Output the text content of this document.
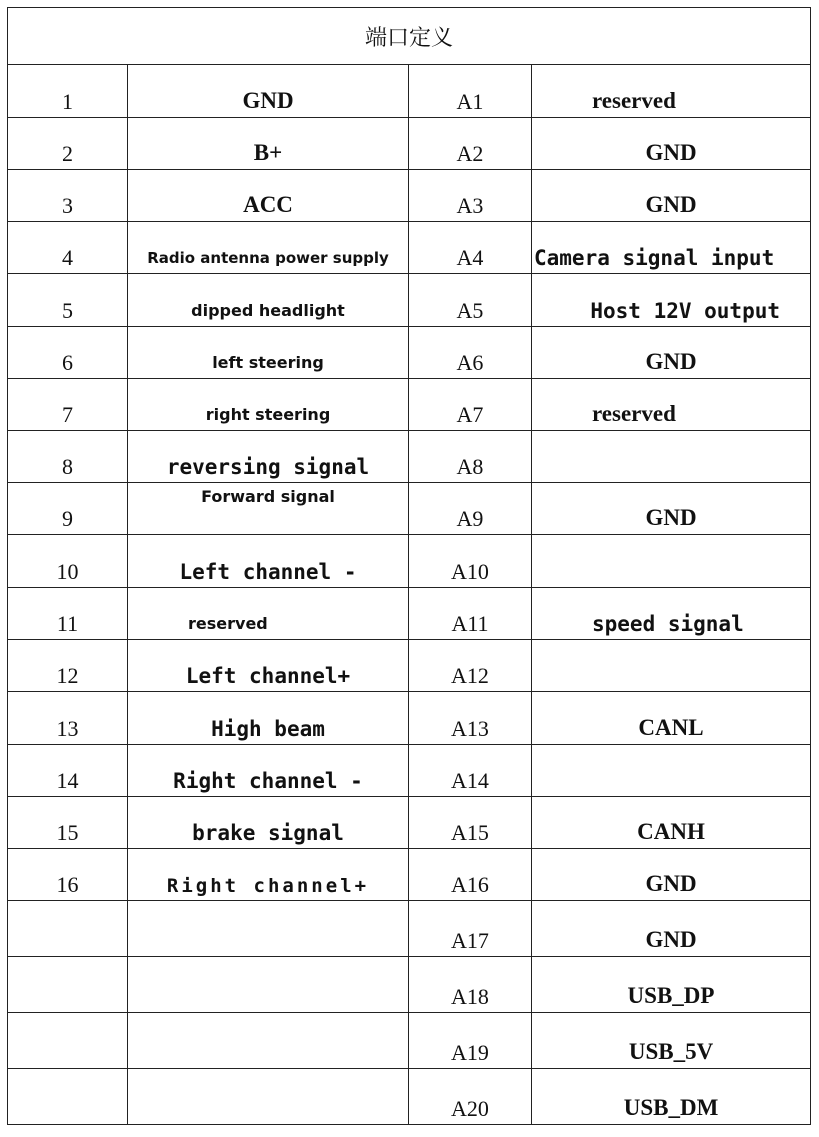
端口定义			
1	GND	A1	reserved
2	B+	A2	GND
3	ACC	A3	GND
4	Radio antenna power supply	A4	Camera signal input
5	dipped headlight	A5	Host 12V output
6	left steering	A6	GND
7	right steering	A7	reserved
8	reversing signal	A8	
9	Forward signal	A9	GND
10	Left channel -	A10	
11	reserved	A11	speed signal
12	Left channel+	A12	
13	High beam	A13	CANL
14	Right channel -	A14	
15	brake signal	A15	CANH
16	Right channel+	A16	GND
		A17	GND
		A18	USB_DP
		A19	USB_5V
		A20	USB_DM
